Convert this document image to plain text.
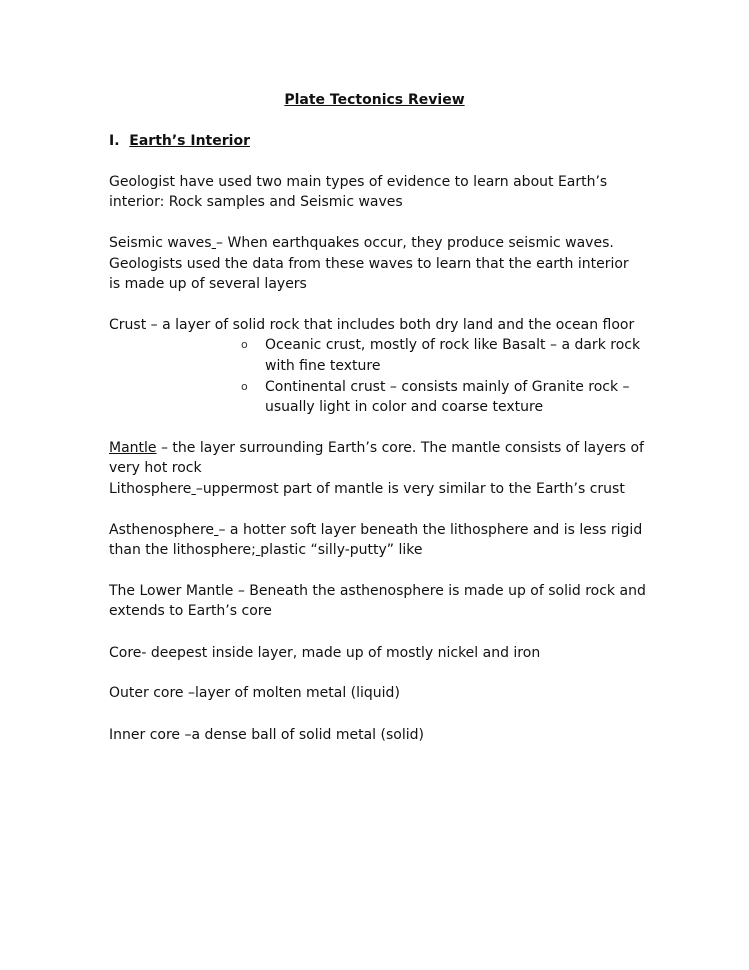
Plate Tectonics Review
I. Earth’s Interior
Geologist have used two main types of evidence to learn about Earth’s
interior: Rock samples and Seismic waves
Seismic waves – When earthquakes occur, they produce seismic waves.
Geologists used the data from these waves to learn that the earth interior
is made up of several layers
Crust – a layer of solid rock that includes both dry land and the ocean floor
o Oceanic crust, mostly of rock like Basalt – a dark rock
with fine texture
o Continental crust – consists mainly of Granite rock –
usually light in color and coarse texture
Mantle – the layer surrounding Earth’s core. The mantle consists of layers of
very hot rock
Lithosphere –uppermost part of mantle is very similar to the Earth’s crust
Asthenosphere – a hotter soft layer beneath the lithosphere and is less rigid
than the lithosphere; plastic “silly-putty” like
The Lower Mantle – Beneath the asthenosphere is made up of solid rock and
extends to Earth’s core
Core- deepest inside layer, made up of mostly nickel and iron
Outer core –layer of molten metal (liquid)
Inner core –a dense ball of solid metal (solid)
